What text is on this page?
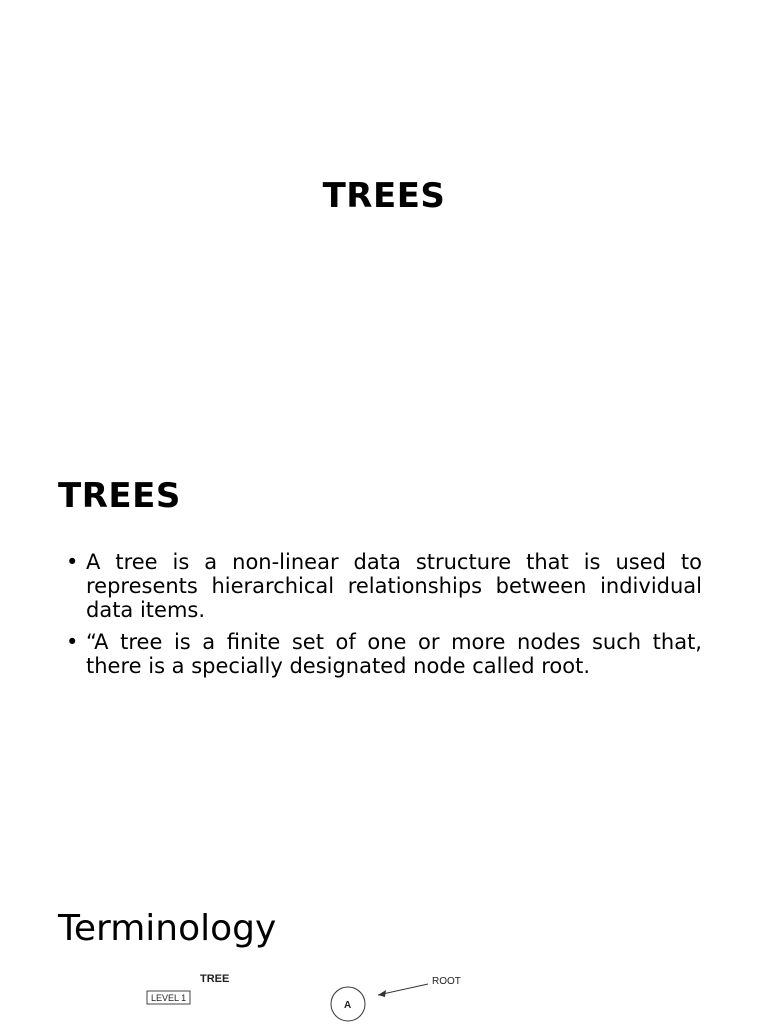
TREES
TREES
• A tree is a non-linear data structure that is used to represents hierarchical relationships between individual data items.
• “A tree is a finite set of one or more nodes such that, there is a specially designated node called root.
TREE
LEVEL 1
A
ROOT
Terminology
